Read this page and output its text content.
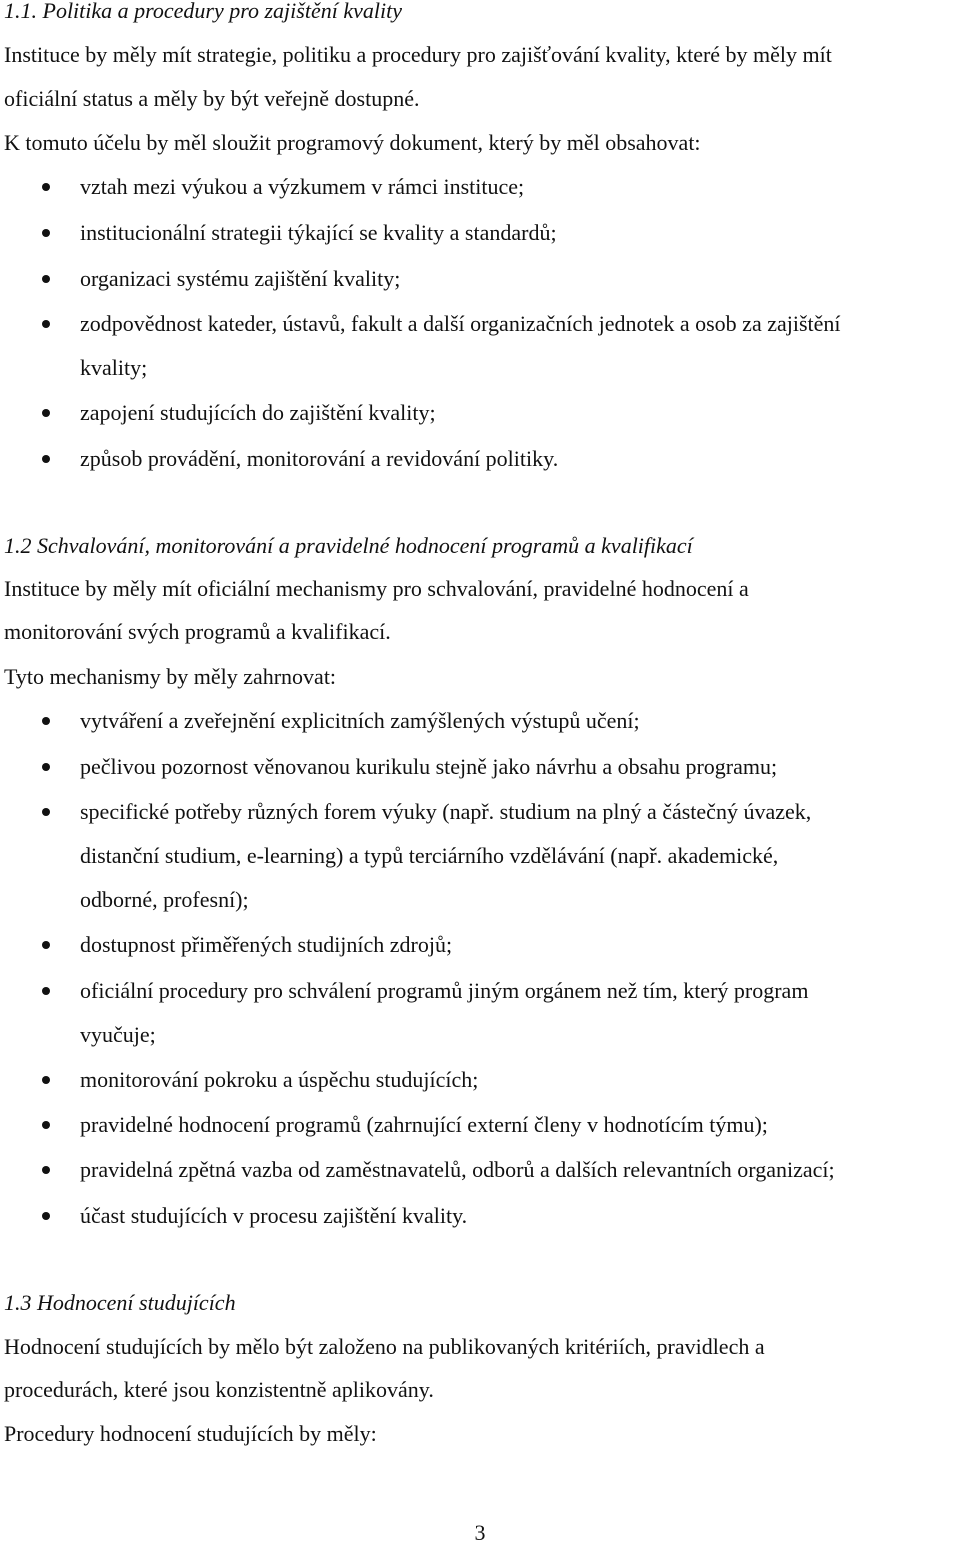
1.1. Politika a procedury pro zajištění kvality
Instituce by měly mít strategie, politiku a procedury pro zajišťování kvality, které by měly mít
oficiální status a měly by být veřejně dostupné.
K tomuto účelu by měl sloužit programový dokument, který by měl obsahovat:
vztah mezi výukou a výzkumem v rámci instituce;
institucionální strategii týkající se kvality a standardů;
organizaci systému zajištění kvality;
zodpovědnost kateder, ústavů, fakult a další organizačních jednotek a osob za zajištění
kvality;
zapojení studujících do zajištění kvality;
způsob provádění, monitorování a revidování politiky.
1.2 Schvalování, monitorování a pravidelné hodnocení programů a kvalifikací
Instituce by měly mít oficiální mechanismy pro schvalování, pravidelné hodnocení a
monitorování svých programů a kvalifikací.
Tyto mechanismy by měly zahrnovat:
vytváření a zveřejnění explicitních zamýšlených výstupů učení;
pečlivou pozornost věnovanou kurikulu stejně jako návrhu a obsahu programu;
specifické potřeby různých forem výuky (např. studium na plný a částečný úvazek,
distanční studium, e-learning) a typů terciárního vzdělávání (např. akademické,
odborné, profesní);
dostupnost přiměřených studijních zdrojů;
oficiální procedury pro schválení programů jiným orgánem než tím, který program
vyučuje;
monitorování pokroku a úspěchu studujících;
pravidelné hodnocení programů (zahrnující externí členy v hodnotícím týmu);
pravidelná zpětná vazba od zaměstnavatelů, odborů a dalších relevantních organizací;
účast studujících v procesu zajištění kvality.
1.3 Hodnocení studujících
Hodnocení studujících by mělo být založeno na publikovaných kritériích, pravidlech a
procedurách, které jsou konzistentně aplikovány.
Procedury hodnocení studujících by měly:
3
